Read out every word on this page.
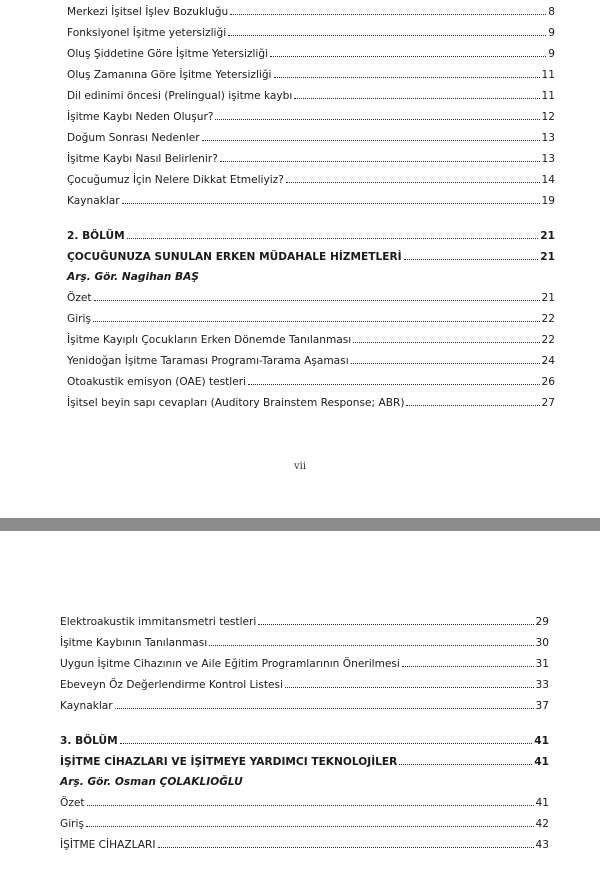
Merkezi İşitsel İşlev Bozukluğu	8
Fonksiyonel İşitme yetersizliği	9
Oluş Şiddetine Göre İşitme Yetersizliği	9
Oluş Zamanına Göre İşitme Yetersizliği	11
Dil edinimi öncesi (Prelingual) işitme kaybı	11
İşitme Kaybı Neden Oluşur?	12
Doğum Sonrası Nedenler	13
İşitme Kaybı Nasıl Belirlenir?	13
Çocuğumuz İçin Nelere Dikkat Etmeliyiz?	14
Kaynaklar	19
2. BÖLÜM	21
ÇOCUĞUNUZA SUNULAN ERKEN MÜDAHALE HİZMETLERİ	21
Arş. Gör. Nagihan BAŞ
Özet	21
Giriş	22
İşitme Kayıplı Çocukların Erken Dönemde Tanılanması	22
Yenidoğan İşitme Taraması Programı-Tarama Aşaması	24
Otoakustik emisyon (OAE) testleri	26
İşitsel beyin sapı cevapları (Auditory Brainstem Response; ABR)	27
vii
Elektroakustik immitansmetri testleri	29
İşitme Kaybının Tanılanması	30
Uygun İşitme Cihazının ve Aile Eğitim Programlarının Önerilmesi	31
Ebeveyn Öz Değerlendirme Kontrol Listesi	33
Kaynaklar	37
3. BÖLÜM	41
İŞİTME CİHAZLARI VE İŞİTMEYE YARDIMCI TEKNOLOJİLER	41
Arş. Gör. Osman ÇOLAKLIOĞLU
Özet	41
Giriş	42
İŞİTME CİHAZLARI	43
